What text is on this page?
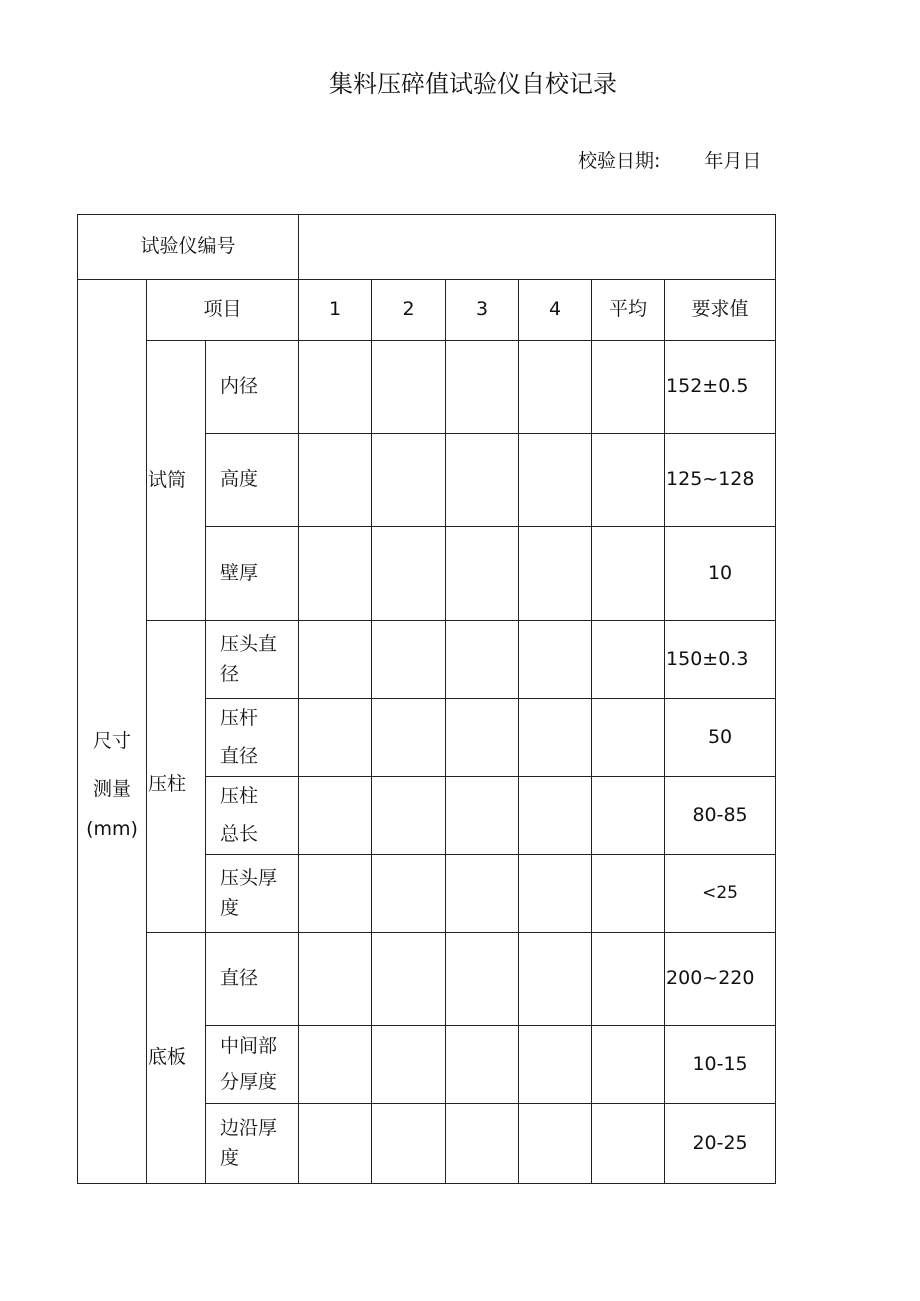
集料压碎值试验仪自校记录
校验日期: 年月日
试验仪编号								

尺寸
测量
(mm)	项目		1	2	3	4	平均	要求值
	试筒	内径						152±0.5
		高度						125~128
		壁厚						10

	压柱	压头直径						150±0.3
		压杆直径						50
		压柱总长						80-85
		压头厚度						<25
	底板	直径						200~220
		中间部分厚度						10-15
		边沿厚度						20-25
